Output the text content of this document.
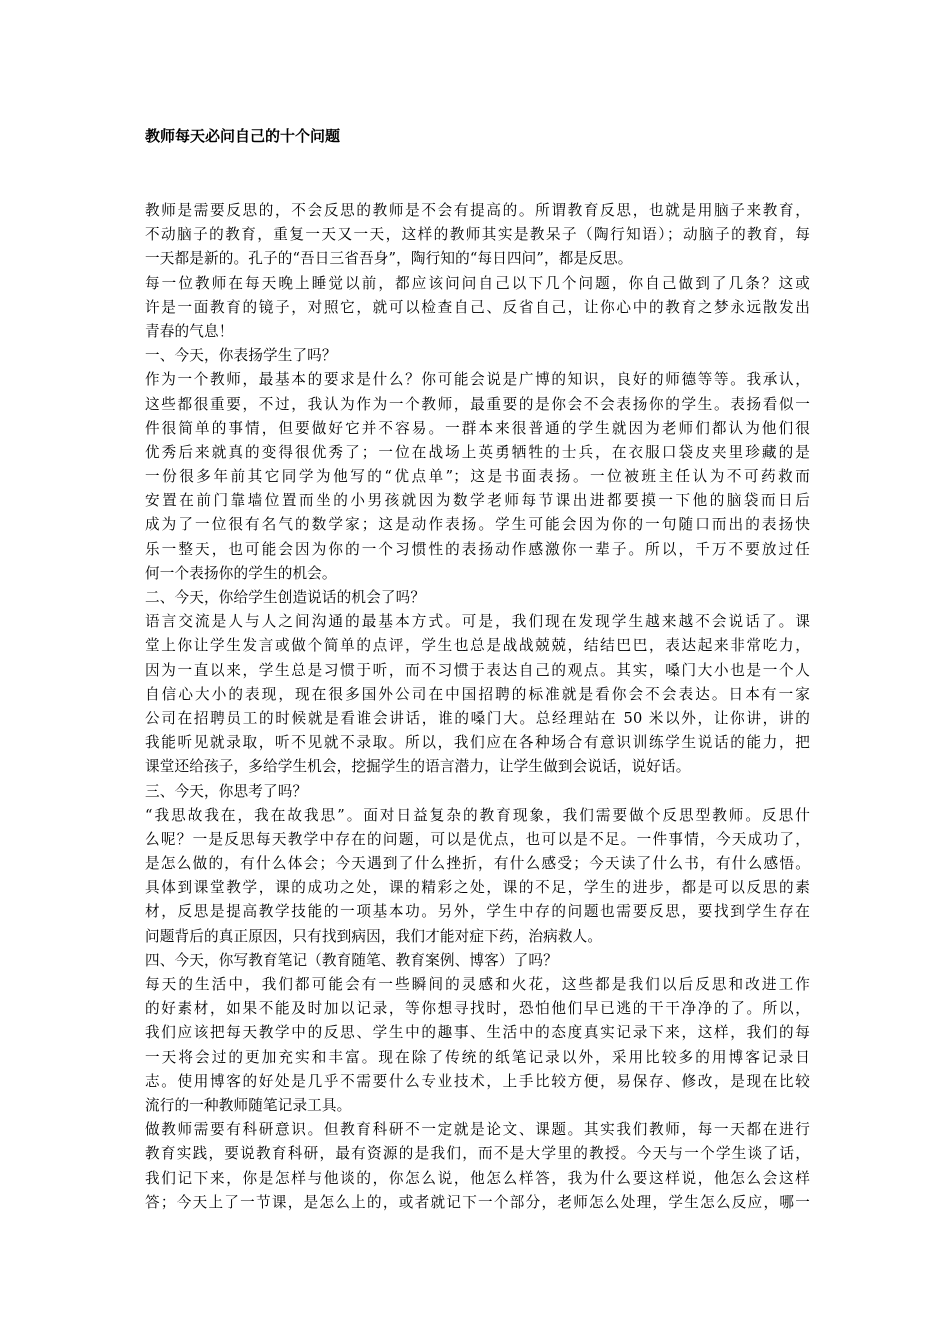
教师每天必问自己的十个问题
教师是需要反思的，不会反思的教师是不会有提高的。所谓教育反思，也就是用脑子来教育，
不动脑子的教育，重复一天又一天，这样的教师其实是教呆子（陶行知语）；动脑子的教育，每
一天都是新的。孔子的“吾日三省吾身”，陶行知的“每日四问”，都是反思。
每一位教师在每天晚上睡觉以前，都应该问问自己以下几个问题，你自己做到了几条？这或
许是一面教育的镜子，对照它，就可以检查自己、反省自己，让你心中的教育之梦永远散发出
青春的气息！
一、今天，你表扬学生了吗？
作为一个教师，最基本的要求是什么？你可能会说是广博的知识，良好的师德等等。我承认，
这些都很重要，不过，我认为作为一个教师，最重要的是你会不会表扬你的学生。表扬看似一
件很简单的事情，但要做好它并不容易。一群本来很普通的学生就因为老师们都认为他们很
优秀后来就真的变得很优秀了；一位在战场上英勇牺牲的士兵，在衣服口袋皮夹里珍藏的是
一份很多年前其它同学为他写的“优点单”；这是书面表扬。一位被班主任认为不可药救而
安置在前门靠墙位置而坐的小男孩就因为数学老师每节课出进都要摸一下他的脑袋而日后
成为了一位很有名气的数学家；这是动作表扬。学生可能会因为你的一句随口而出的表扬快
乐一整天，也可能会因为你的一个习惯性的表扬动作感激你一辈子。所以，千万不要放过任
何一个表扬你的学生的机会。
二、今天，你给学生创造说话的机会了吗？
语言交流是人与人之间沟通的最基本方式。可是，我们现在发现学生越来越不会说话了。课
堂上你让学生发言或做个简单的点评，学生也总是战战兢兢，结结巴巴，表达起来非常吃力，
因为一直以来，学生总是习惯于听，而不习惯于表达自己的观点。其实，嗓门大小也是一个人
自信心大小的表现，现在很多国外公司在中国招聘的标准就是看你会不会表达。日本有一家
公司在招聘员工的时候就是看谁会讲话，谁的嗓门大。总经理站在 50 米以外，让你讲，讲的
我能听见就录取，听不见就不录取。所以，我们应在各种场合有意识训练学生说话的能力，把
课堂还给孩子，多给学生机会，挖掘学生的语言潜力，让学生做到会说话，说好话。
三、今天，你思考了吗？
“我思故我在，我在故我思”。面对日益复杂的教育现象，我们需要做个反思型教师。反思什
么呢？一是反思每天教学中存在的问题，可以是优点，也可以是不足。一件事情，今天成功了，
是怎么做的，有什么体会；今天遇到了什么挫折，有什么感受；今天读了什么书，有什么感悟。
具体到课堂教学，课的成功之处，课的精彩之处，课的不足，学生的进步，都是可以反思的素
材，反思是提高教学技能的一项基本功。另外，学生中存的问题也需要反思，要找到学生存在
问题背后的真正原因，只有找到病因，我们才能对症下药，治病救人。
四、今天，你写教育笔记（教育随笔、教育案例、博客）了吗？
每天的生活中，我们都可能会有一些瞬间的灵感和火花，这些都是我们以后反思和改进工作
的好素材，如果不能及时加以记录，等你想寻找时，恐怕他们早已逃的干干净净的了。所以，
我们应该把每天教学中的反思、学生中的趣事、生活中的态度真实记录下来，这样，我们的每
一天将会过的更加充实和丰富。现在除了传统的纸笔记录以外，采用比较多的用博客记录日
志。使用博客的好处是几乎不需要什么专业技术，上手比较方便，易保存、修改，是现在比较
流行的一种教师随笔记录工具。
做教师需要有科研意识。但教育科研不一定就是论文、课题。其实我们教师，每一天都在进行
教育实践，要说教育科研，最有资源的是我们，而不是大学里的教授。今天与一个学生谈了话，
我们记下来，你是怎样与他谈的，你怎么说，他怎么样答，我为什么要这样说，他怎么会这样
答；今天上了一节课，是怎么上的，或者就记下一个部分，老师怎么处理，学生怎么反应，哪一
